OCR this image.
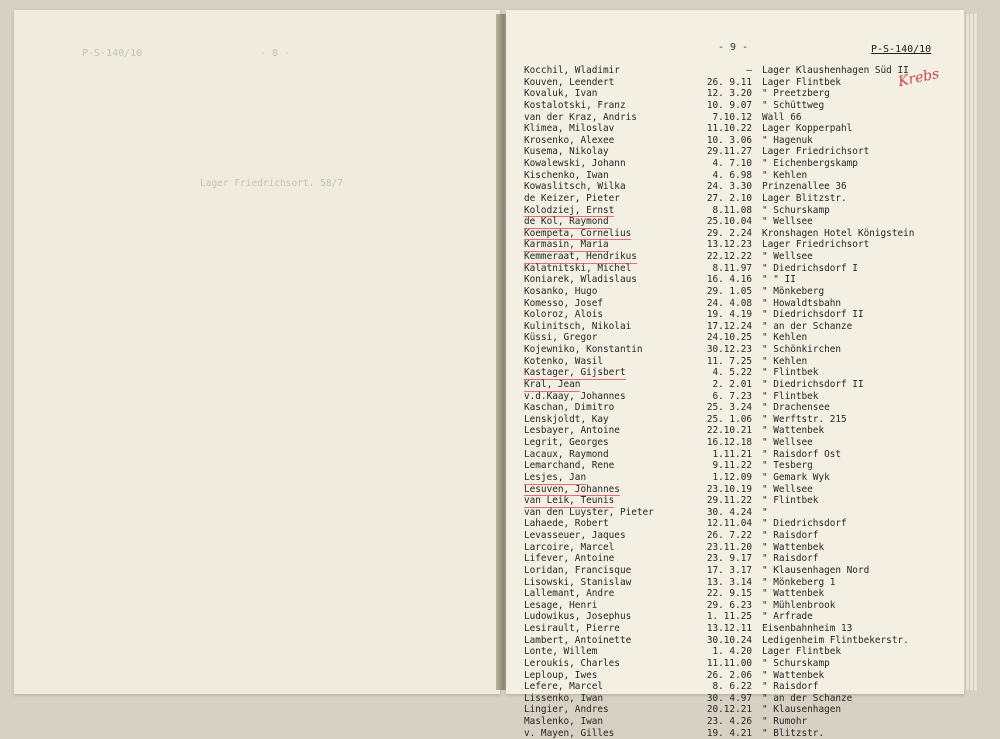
P-S-140/10	- 8 -
Lager Friedrichsort. 58/7
- 9 -	P-S-140/10
Krebs
Kocchil, Wladimir	— Lager Klaushenhagen Süd II
Kouven, Leendert	26. 9.11 Lager Flintbek
Kovaluk, Ivan	12. 3.20 " Preetzberg
Kostalotski, Franz	10. 9.07 " Schüttweg
van der Kraz, Andris	7.10.12 Wall 66
Klimea, Miloslav	11.10.22 Lager Kopperpahl
Krosenko, Alexee	10. 3.06 " Hagenuk
Kusema, Nikolay	29.11.27 Lager Friedrichsort
Kowalewski, Johann	4. 7.10 " Eichenbergskamp
Kischenko, Iwan	4. 6.98 " Kehlen
Kowaslitsch, Wilka	24. 3.30 Prinzenallee 36
de Keizer, Pieter	27. 2.10 Lager Blitzstr.
Kolodziej, Ernst	8.11.08 " Schurskamp
de Kol, Raymond	25.10.04 " Wellsee
Koempeta, Cornelius	29. 2.24 Kronshagen Hotel Königstein
Karmasin, Maria	13.12.23 Lager Friedrichsort
Kemmeraat, Hendrikus	22.12.22 " Wellsee
Kalatnitski, Michel	8.11.97 " Diedrichsdorf I
Koniarek, Wladislaus	16. 4.16 " " II
Kosanko, Hugo	29. 1.05 " Mönkeberg
Komesso, Josef	24. 4.08 " Howaldtsbahn
Koloroz, Alois	19. 4.19 " Diedrichsdorf II
Kulinitsch, Nikolai	17.12.24 " an der Schanze
Küssi, Gregor	24.10.25 " Kehlen
Kojewniko, Konstantin	30.12.23 " Schönkirchen
Kotenko, Wasil	11. 7.25 " Kehlen
Kastager, Gijsbert	4. 5.22 " Flintbek
Kral, Jean	2. 2.01 " Diedrichsdorf II
v.d.Kaay, Johannes	6. 7.23 " Flintbek
Kaschan, Dimitro	25. 3.24 " Drachensee
Lenskjoldt, Kay	25. 1.06 " Werftstr. 215
Lesbayer, Antoine	22.10.21 " Wattenbek
Legrit, Georges	16.12.18 " Wellsee
Lacaux, Raymond	1.11.21 " Raisdorf Ost
Lemarchand, Rene	9.11.22 " Tesberg
Lesjes, Jan	1.12.09 " Gemark Wyk
Lesuven, Johannes	23.10.19 " Wellsee
van Leik, Teunis	29.11.22 " Flintbek
van den Luyster, Pieter	30. 4.24 "
Lahaede, Robert	12.11.04 " Diedrichsdorf
Levasseuer, Jaques	26. 7.22 " Raisdorf
Larcoire, Marcel	23.11.20 " Wattenbek
Lifever, Antoine	23. 9.17 " Raisdorf
Loridan, Francisque	17. 3.17 " Klausenhagen Nord
Lisowski, Stanislaw	13. 3.14 " Mönkeberg 1
Lallemant, Andre	22. 9.15 " Wattenbek
Lesage, Henri	29. 6.23 " Mühlenbrook
Ludowikus, Josephus	1. 11.25 " Arfrade
Lesirault, Pierre	13.12.11 Eisenbahnheim 13
Lambert, Antoinette	30.10.24 Ledigenheim Flintbekerstr.
Lonte, Willem	1. 4.20 Lager Flintbek
Leroukis, Charles	11.11.00 " Schurskamp
Leploup, Iwes	26. 2.06 " Wattenbek
Lefere, Marcel	8. 6.22 " Raisdorf
Lissenko, Iwan	30. 4.97 " an der Schanze
Lingier, Andres	20.12.21 " Klausenhagen
Maslenko, Iwan	23. 4.26 " Rumohr
v. Mayen, Gilles	19. 4.21 " Blitzstr.
